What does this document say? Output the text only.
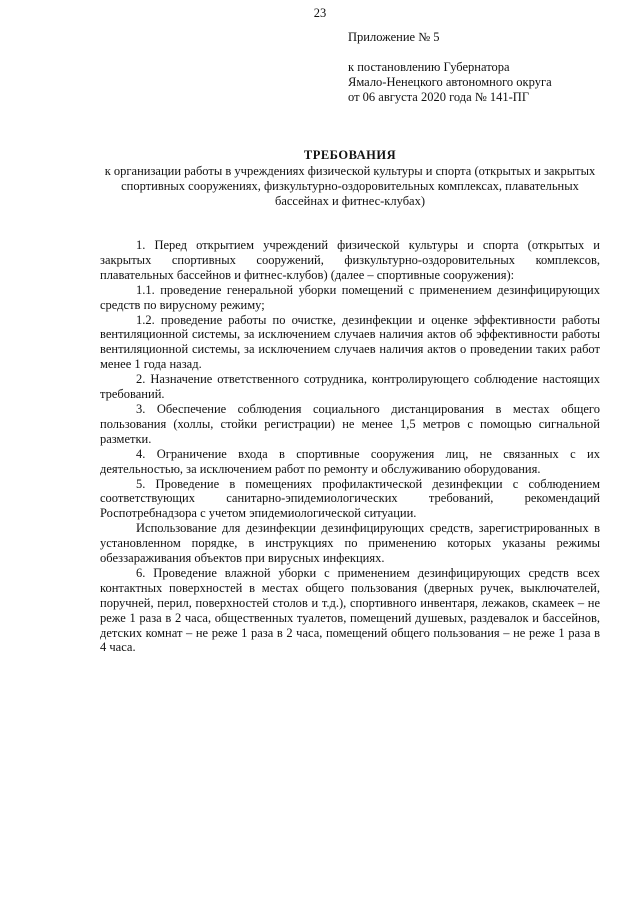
23
Приложение № 5
к постановлению Губернатора
Ямало-Ненецкого автономного округа
от 06 августа 2020 года № 141-ПГ
ТРЕБОВАНИЯ
к организации работы в учреждениях физической культуры и спорта (открытых и закрытых спортивных сооружениях, физкультурно-оздоровительных комплексах, плавательных бассейнах и фитнес-клубах)

1. Перед открытием учреждений физической культуры и спорта (открытых и закрытых спортивных сооружений, физкультурно-оздоровительных комплексов, плавательных бассейнов и фитнес-клубов) (далее – спортивные сооружения):

1.1. проведение генеральной уборки помещений с применением дезинфицирующих средств по вирусному режиму;

1.2. проведение работы по очистке, дезинфекции и оценке эффективности работы вентиляционной системы, за исключением случаев наличия актов об эффективности работы вентиляционной системы, за исключением случаев наличия актов о проведении таких работ менее 1 года назад.

2. Назначение ответственного сотрудника, контролирующего соблюдение настоящих требований.

3. Обеспечение соблюдения социального дистанцирования в местах общего пользования (холлы, стойки регистрации) не менее 1,5 метров с помощью сигнальной разметки.

4. Ограничение входа в спортивные сооружения лиц, не связанных с их деятельностью, за исключением работ по ремонту и обслуживанию оборудования.

5. Проведение в помещениях профилактической дезинфекции с соблюдением соответствующих санитарно-эпидемиологических требований, рекомендаций Роспотребнадзора с учетом эпидемиологической ситуации.

Использование для дезинфекции дезинфицирующих средств, зарегистрированных в установленном порядке, в инструкциях по применению которых указаны режимы обеззараживания объектов при вирусных инфекциях.

6. Проведение влажной уборки с применением дезинфицирующих средств всех контактных поверхностей в местах общего пользования (дверных ручек, выключателей, поручней, перил, поверхностей столов и т.д.), спортивного инвентаря, лежаков, скамеек – не реже 1 раза в 2 часа, общественных туалетов, помещений душевых, раздевалок и бассейнов, детских комнат – не реже 1 раза в 2 часа, помещений общего пользования – не реже 1 раза в 4 часа.
